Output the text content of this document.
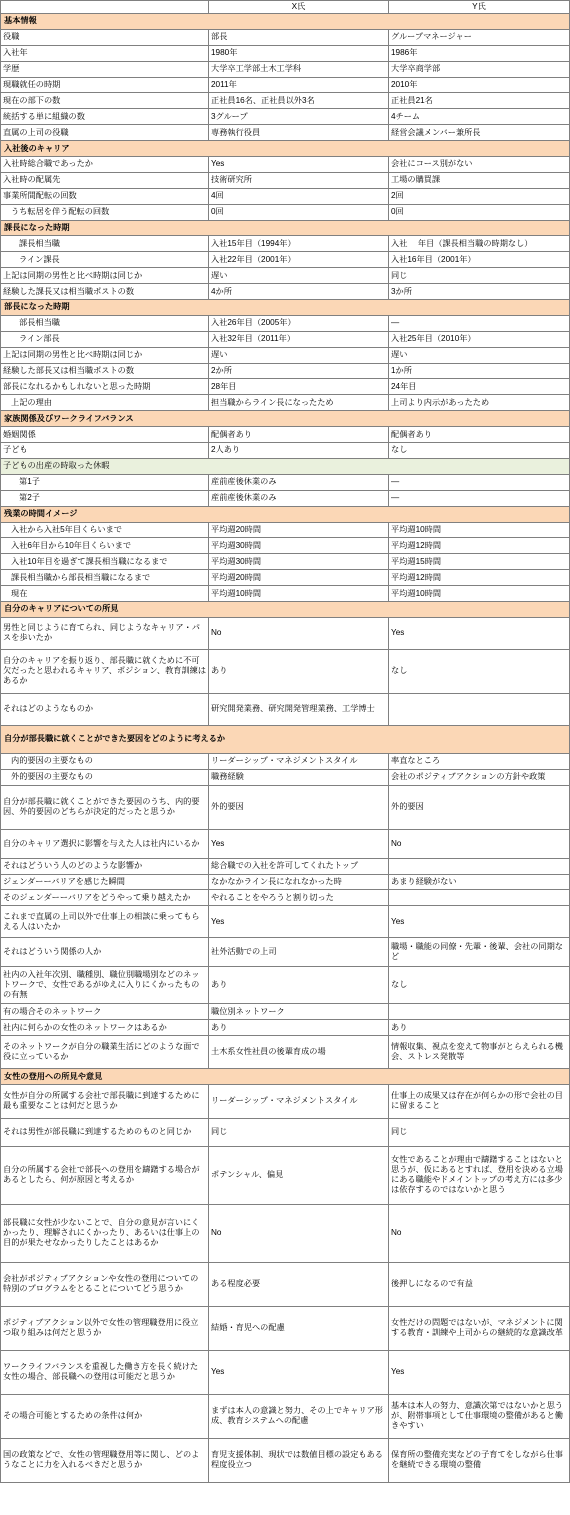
	X氏	Y氏
基本情報		
役職	部長	グループマネージャー
入社年	1980年	1986年
学歴	大学卒工学部土木工学科	大学卒商学部
現職就任の時期	2011年	2010年
現在の部下の数	正社員16名、正社員以外3名	正社員21名
統括する単に組織の数	3グループ	4チーム
直属の上司の役職	専務執行役員	経営会議メンバー兼所長
入社後のキャリア		
入社時総合職であったか	Yes	会社にコース別がない
入社時の配属先	技術研究所	工場の購買課
事業所間配転の回数	4回	2回
うち転居を伴う配転の回数	0回	0回
課長になった時期		
課長相当職	入社15年目（1994年）	入社　 年目（課長相当職の時期なし）
ライン課長	入社22年目（2001年）	入社16年目（2001年）
上記は同期の男性と比べ時期は同じか	遅い	同じ
経験した課長又は相当職ポストの数	4か所	3か所
部長になった時期		
部長相当職	入社26年目（2005年）	―
ライン部長	入社32年目（2011年）	入社25年目（2010年）
上記は同期の男性と比べ時期は同じか	遅い	遅い
経験した部長又は相当職ポストの数	2か所	1か所
部長になれるかもしれないと思った時期	28年目	24年目
上記の理由	担当職からライン長になったため	上司より内示があったため
家族関係及びワークライフバランス		
婚姻関係	配偶者あり	配偶者あり
子ども	2人あり	なし
子どもの出産の時取った休暇		
第1子	産前産後休業のみ	―
第2子	産前産後休業のみ	―
残業の時間イメージ		
入社から入社5年目くらいまで	平均週20時間	平均週10時間
入社6年目から10年目くらいまで	平均週30時間	平均週12時間
入社10年目を過ぎて課長相当職になるまで	平均週30時間	平均週15時間
課長相当職から部長相当職になるまで	平均週20時間	平均週12時間
現在	平均週10時間	平均週10時間
自分のキャリアについての所見		
男性と同じように育てられ、同じようなキャリア・パスを歩いたか	No	Yes
自分のキャリアを振り返り、部長職に就くために不可欠だったと思われるキャリア、ポジション、教育訓練はあるか	あり	なし
それはどのようなものか	研究開発業務、研究開発管理業務、工学博士	
自分が部長職に就くことができた要因をどのように考えるか		
内的要因の主要なもの	リーダーシップ・マネジメントスタイル	率直なところ
外的要因の主要なもの	職務経験	会社のポジティブアクションの方針や政策
自分が部長職に就くことができた要因のうち、内的要因、外的要因のどちらが決定的だったと思うか	外的要因	外的要因
自分のキャリア選択に影響を与えた人は社内にいるか	Yes	No
それはどういう人のどのような影響か	総合職での入社を許可してくれたトップ	
ジェンダーーバリアを感じた瞬間	なかなかライン長になれなかった時	あまり経験がない
そのジェンダーーバリアをどうやって乗り越えたか	やれることをやろうと割り切った	
これまで直属の上司以外で仕事上の相談に乗ってもらえる人はいたか	Yes	Yes
それはどういう関係の人か	社外活動での上司	職場・職能の同僚・先輩・後輩、会社の同期など
社内の入社年次別、職種別、職位別職場別などのネットワークで、女性であるがゆえに入りにくかったものの有無	あり	なし
有の場合そのネットワーク	職位別ネットワーク	
社内に何らかの女性のネットワークはあるか	あり	あり
そのネットワークが自分の職業生活にどのような面で役に立っているか	土木系女性社員の後輩育成の場	情報収集、視点を変えて物事がとらえられる機会、ストレス発散等
女性の登用への所見や意見		
女性が自分の所属する会社で部長職に到達するために最も重要なことは何だと思うか	リーダーシップ・マネジメントスタイル	仕事上の成果又は存在が何らかの形で会社の目に留まること
それは男性が部長職に到達するためのものと同じか	同じ	同じ
自分の所属する会社で部長への登用を躊躇する場合があるとしたら、何が原因と考えるか	ポテンシャル、偏見	女性であることが理由で躊躇することはないと思うが、仮にあるとすれば、登用を決める立場にある職能やドメイントップの考え方には多少は依存するのではないかと思う
部長職に女性が少ないことで、自分の意見が言いにくかったり、理解されにくかったり、あるいは仕事上の目的が果たせなかったりしたことはあるか	No	No
会社がポジティブアクションや女性の登用についての特別のプログラムをとることについてどう思うか	ある程度必要	後押しになるので有益
ポジティブアクション以外で女性の管理職登用に役立つ取り組みは何だと思うか	結婚・育児への配慮	女性だけの問題ではないが、マネジメントに関する教育・訓練や上司からの継続的な意識改革
ワークライフバランスを重視した働き方を長く続けた女性の場合、部長職への登用は可能だと思うか	Yes	Yes
その場合可能とするための条件は何か	まずは本人の意識と努力、その上でキャリア形成、教育システムへの配慮	基本は本人の努力、意識次第ではないかと思うが、附帯事項として仕事環境の整備があると働きやすい
国の政策などで、女性の管理職登用等に関し、どのようなことに力を入れるべきだと思うか	育児支援体制、現状では数値目標の設定もある程度役立つ	保育所の整備充実などの子育てをしながら仕事を継続できる環境の整備
